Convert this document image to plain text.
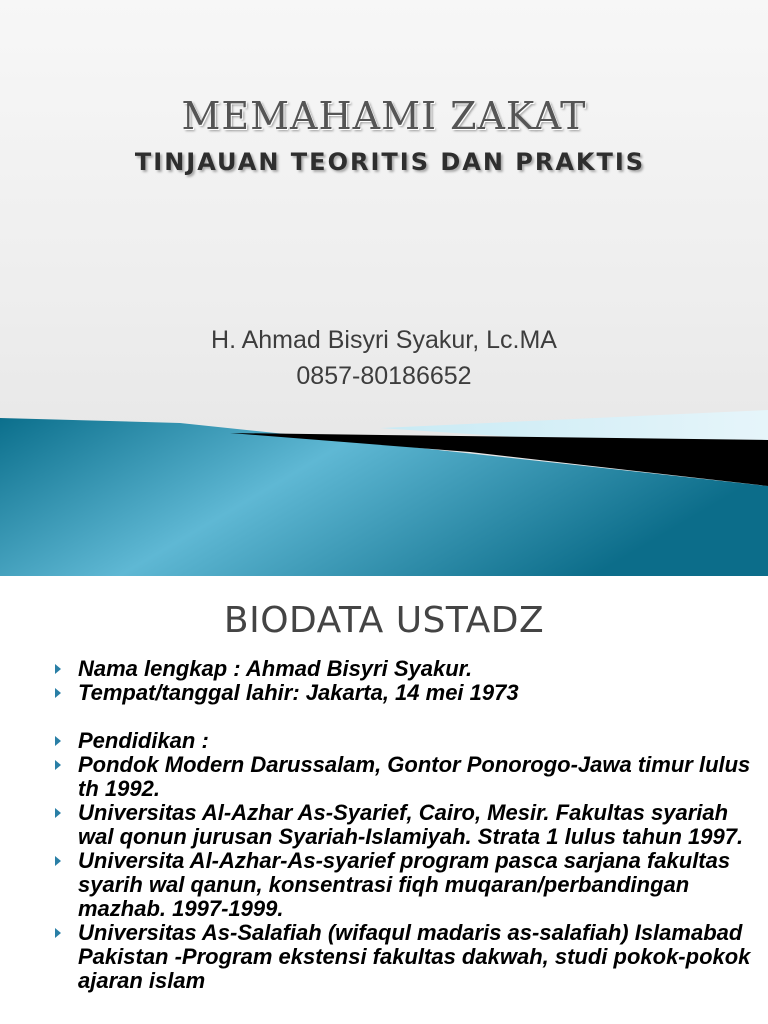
MEMAHAMI ZAKAT
TINJAUAN TEORITIS DAN PRAKTIS
H. Ahmad Bisyri Syakur, Lc.MA
0857-80186652
BIODATA USTADZ
Nama lengkap : Ahmad Bisyri Syakur.
Tempat/tanggal lahir: Jakarta, 14 mei 1973
Pendidikan :
Pondok Modern Darussalam, Gontor Ponorogo-Jawa timur lulus th 1992.
Universitas Al-Azhar As-Syarief, Cairo, Mesir. Fakultas syariah wal qonun jurusan Syariah-Islamiyah. Strata 1 lulus tahun 1997.
Universita Al-Azhar-As-syarief program pasca sarjana fakultas syarih wal qanun, konsentrasi fiqh muqaran/perbandingan mazhab. 1997-1999.
Universitas As-Salafiah (wifaqul madaris as-salafiah) Islamabad Pakistan -Program ekstensi fakultas dakwah, studi pokok-pokok ajaran islam
